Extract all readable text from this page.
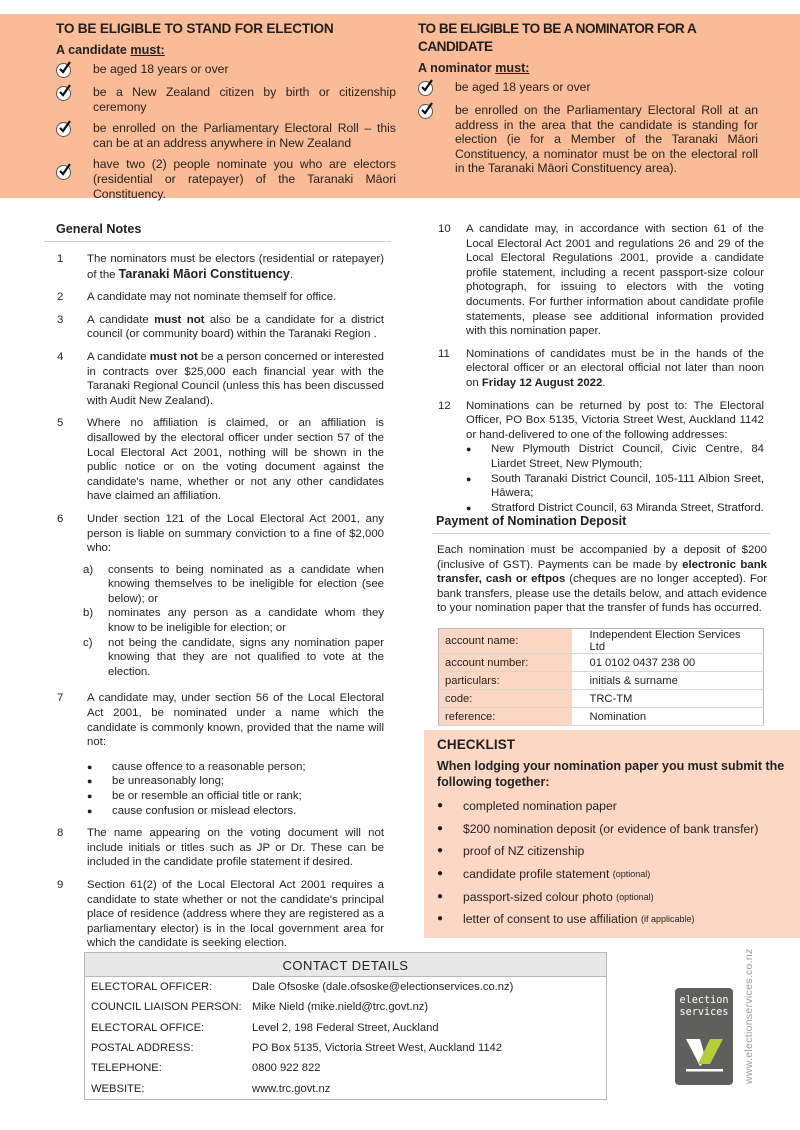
TO BE ELIGIBLE TO STAND FOR ELECTION
A candidate must:
be aged 18 years or over
be a New Zealand citizen by birth or citizenship ceremony
be enrolled on the Parliamentary Electoral Roll – this can be at an address anywhere in New Zealand
have two (2) people nominate you who are electors (residential or ratepayer) of the Taranaki Māori Constituency.
TO BE ELIGIBLE TO BE A NOMINATOR FOR A CANDIDATE
A nominator must:
be aged 18 years or over
be enrolled on the Parliamentary Electoral Roll at an address in the area that the candidate is standing for election (ie for a Member of the Taranaki Māori Constituency, a nominator must be on the electoral roll in the Taranaki Māori Constituency area).
General Notes
1	The nominators must be electors (residential or ratepayer) of the Taranaki Māori Constituency.
2	A candidate may not nominate themself for office.
3	A candidate must not also be a candidate for a district council (or community board) within the Taranaki Region .
4	A candidate must not be a person concerned or interested in contracts over $25,000 each financial year with the Taranaki Regional Council (unless this has been discussed with Audit New Zealand).
5	Where no affiliation is claimed, or an affiliation is disallowed by the electoral officer under section 57 of the Local Electoral Act 2001, nothing will be shown in the public notice or on the voting document against the candidate's name, whether or not any other candidates have claimed an affiliation.
6	Under section 121 of the Local Electoral Act 2001, any person is liable on summary conviction to a fine of $2,000 who:
a)	consents to being nominated as a candidate when knowing themselves to be ineligible for election (see below); or
b)	nominates any person as a candidate whom they know to be ineligible for election; or
c)	not being the candidate, signs any nomination paper knowing that they are not qualified to vote at the election.
7	A candidate may, under section 56 of the Local Electoral Act 2001, be nominated under a name which the candidate is commonly known, provided that the name will not:
●	cause offence to a reasonable person;
●	be unreasonably long;
●	be or resemble an official title or rank;
●	cause confusion or mislead electors.
8	The name appearing on the voting document will not include initials or titles such as JP or Dr. These can be included in the candidate profile statement if desired.
9	Section 61(2) of the Local Electoral Act 2001 requires a candidate to state whether or not the candidate's principal place of residence (address where they are registered as a parliamentary elector) is in the local government area for which the candidate is seeking election.
10	A candidate may, in accordance with section 61 of the Local Electoral Act 2001 and regulations 26 and 29 of the Local Electoral Regulations 2001, provide a candidate profile statement, including a recent passport-size colour photograph, for issuing to electors with the voting documents. For further information about candidate profile statements, please see additional information provided with this nomination paper.
11	Nominations of candidates must be in the hands of the electoral officer or an electoral official not later than noon on Friday 12 August 2022.
12	Nominations can be returned by post to: The Electoral Officer, PO Box 5135, Victoria Street West, Auckland 1142 or hand-delivered to one of the following addresses:
●	New Plymouth District Council, Civic Centre, 84 Liardet Street, New Plymouth;
●	South Taranaki District Council, 105-111 Albion Sreet, Hāwera;
●	Stratford District Council, 63 Miranda Street, Stratford.
Payment of Nomination Deposit

Each nomination must be accompanied by a deposit of $200 (inclusive of GST). Payments can be made by electronic bank transfer, cash or eftpos (cheques are no longer accepted). For bank transfers, please use the details below, and attach evidence to your nomination paper that the transfer of funds has occurred.

account name:	Independent Election Services Ltd
account number:	01 0102 0437 238 00
particulars:	initials & surname
code:	TRC-TM
reference:	Nomination
CHECKLIST

When lodging your nomination paper you must submit the following together:

●	completed nomination paper
●	$200 nomination deposit (or evidence of bank transfer)
●	proof of NZ citizenship
●	candidate profile statement
(optional)
●	passport-sized colour photo
(optional)
●	letter of consent to use affiliation
(if applicable)
CONTACT DETAILS
ELECTORAL OFFICER:	Dale Ofsoske (dale.ofsoske@electionservices.co.nz)
COUNCIL LIAISON PERSON: Mike Nield (mike.nield@trc.govt.nz)
ELECTORAL OFFICE:	Level 2, 198 Federal Street, Auckland
POSTAL ADDRESS:	PO Box 5135, Victoria Street West, Auckland 1142
TELEPHONE:	0800 922 822
WEBSITE:	www.trc.govt.nz
election
services	www.electionservices.co.nz
